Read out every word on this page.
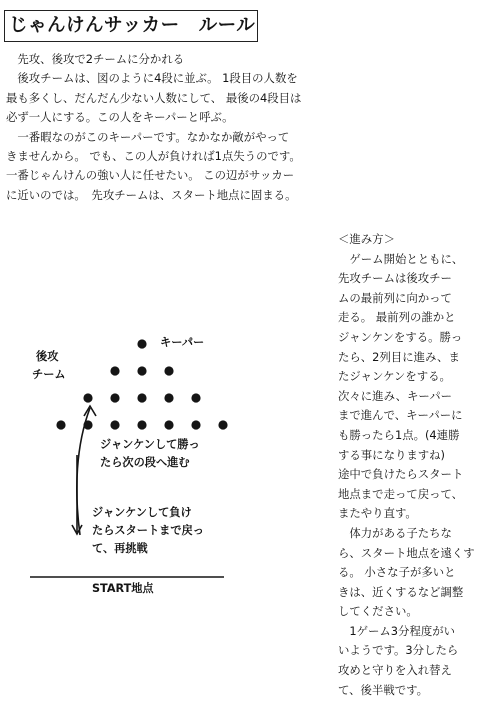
じゃんけんサッカー　ルール
　先攻、後攻で2チームに分かれる
　後攻チームは、図のように4段に並ぶ。 1段目の人数を
最も多くし、だんだん少ない人数にして、 最後の4段目は
必ず一人にする。この人をキーパーと呼ぶ。
　一番暇なのがこのキーパーです。なかなか敵がやって
きませんから。 でも、この人が負ければ1点失うのです。
一番じゃんけんの強い人に任せたい。 この辺がサッカー
に近いのでは。　先攻チームは、スタート地点に固まる。
＜進み方＞
　ゲーム開始とともに、
先攻チームは後攻チー
ムの最前列に向かって
走る。 最前列の誰かと
ジャンケンをする。勝っ
たら、2列目に進み、ま
たジャンケンをする。
次々に進み、キーパー
まで進んで、キーパーに
も勝ったら1点。(4連勝
する事になりますね)
途中で負けたらスタート
地点まで走って戻って、
またやり直す。
　体力がある子たちな
ら、スタート地点を遠くす
る。 小さな子が多いと
きは、近くするなど調整
してください。
　1ゲーム3分程度がい
いようです。3分したら
攻めと守りを入れ替え
て、後半戦です。
キーパー
後攻
チーム
ジャンケンして勝っ
たら次の段へ進む
ジャンケンして負け
たらスタートまで戻っ
て、再挑戦
START地点
